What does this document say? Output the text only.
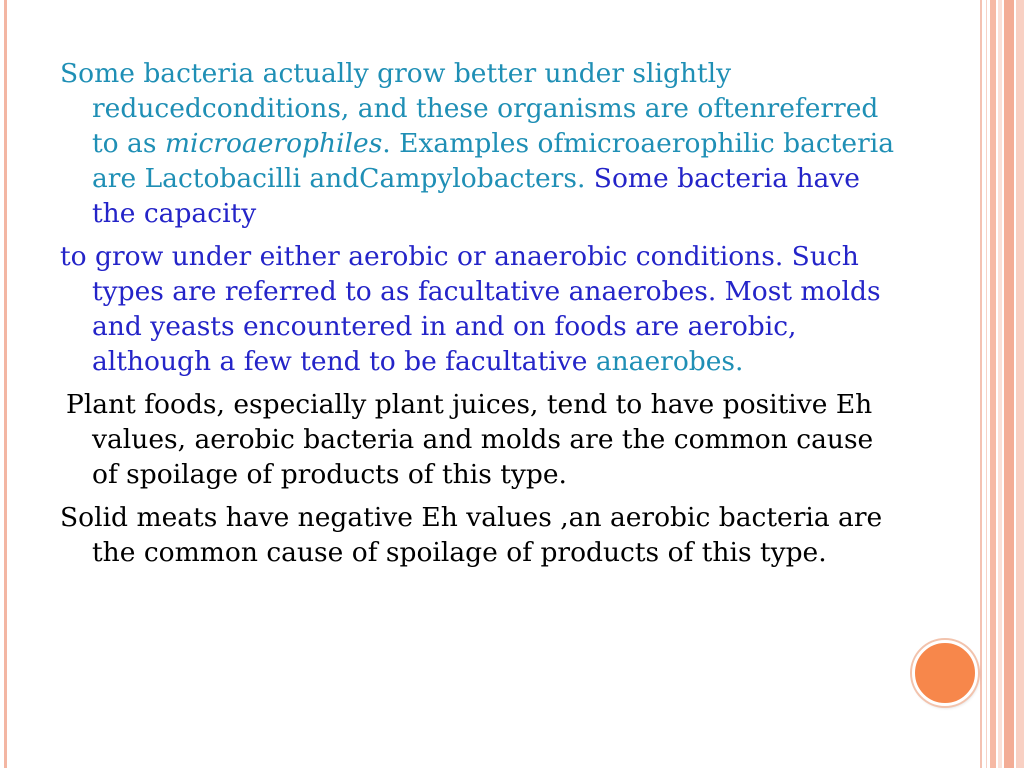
Some bacteria actually grow better under slightly reducedconditions, and these organisms are oftenreferred to as microaerophiles. Examples ofmicroaerophilic bacteria are Lactobacilli andCampylobacters. Some bacteria have the capacity

to grow under either aerobic or anaerobic conditions. Such types are referred to as facultative anaerobes. Most molds and yeasts encountered in and on foods are aerobic, although a few tend to be facultative anaerobes.

Plant foods, especially plant juices, tend to have positive Eh values, aerobic bacteria and molds are the common cause of spoilage of products of this type.

Solid meats have negative Eh values ,an aerobic bacteria are the common cause of spoilage of products of this type.
